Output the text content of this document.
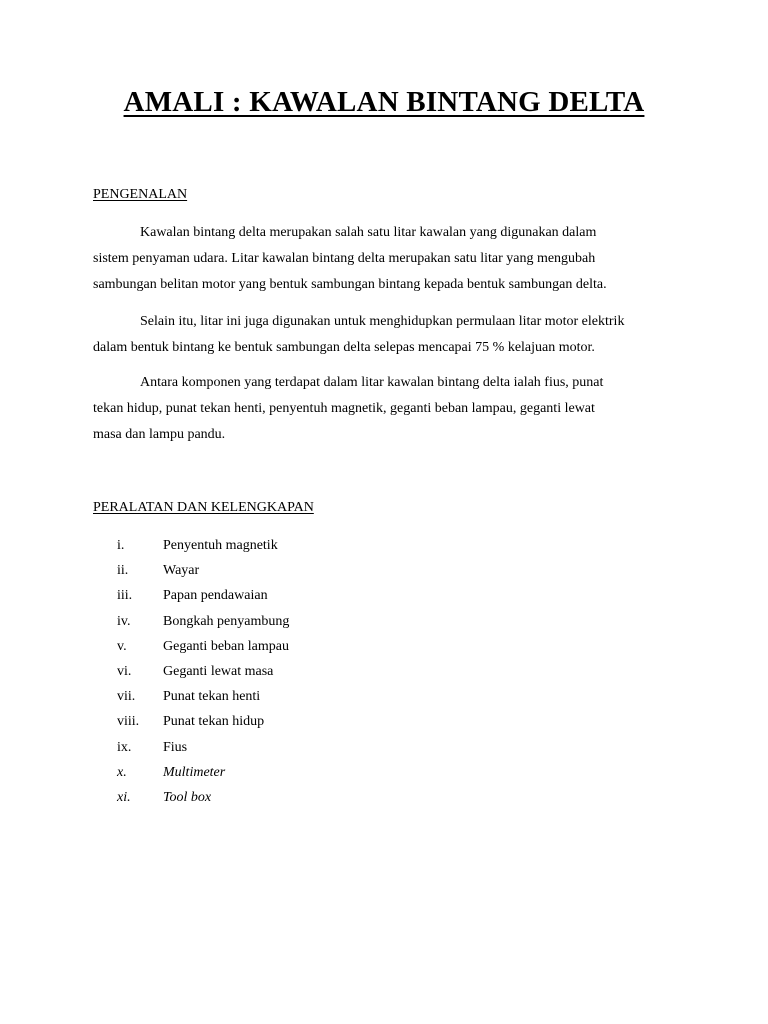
AMALI : KAWALAN BINTANG DELTA
PENGENALAN

Kawalan bintang delta merupakan salah satu litar kawalan yang digunakan dalam
sistem penyaman udara. Litar kawalan bintang delta merupakan satu litar yang mengubah
sambungan belitan motor yang bentuk sambungan bintang kepada bentuk sambungan delta.

Selain itu, litar ini juga digunakan untuk menghidupkan permulaan litar motor elektrik
dalam bentuk bintang ke bentuk sambungan delta selepas mencapai 75 % kelajuan motor.

Antara komponen yang terdapat dalam litar kawalan bintang delta ialah fius, punat
tekan hidup, punat tekan henti, penyentuh magnetik, geganti beban lampau, geganti lewat
masa dan lampu pandu.

PERALATAN DAN KELENGKAPAN
i.	Penyentuh magnetik
ii. Wayar
iii. Papan pendawaian
iv. Bongkah penyambung
v.	Geganti beban lampau
vi. Geganti lewat masa
vii. Punat tekan henti
viii. Punat tekan hidup
ix. Fius
x.	Multimeter
xi. Tool box
